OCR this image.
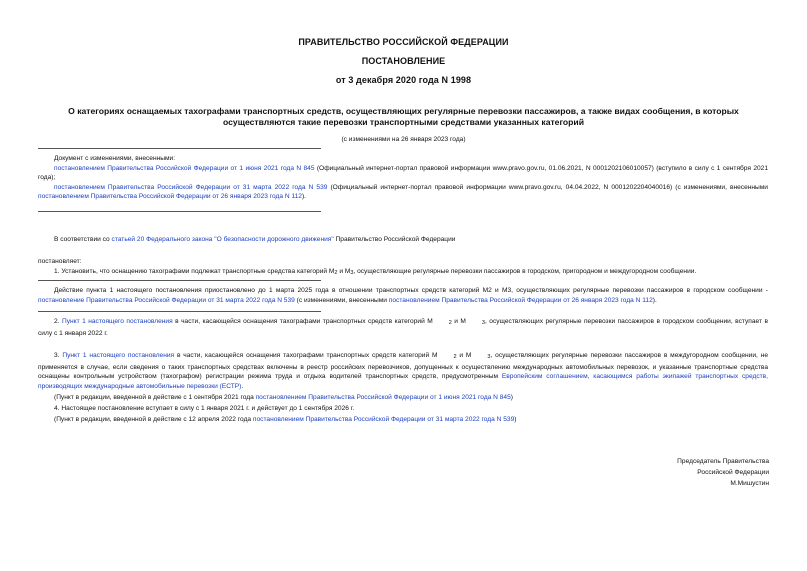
ПРАВИТЕЛЬСТВО РОССИЙСКОЙ ФЕДЕРАЦИИ
ПОСТАНОВЛЕНИЕ
от 3 декабря 2020 года N 1998
О категориях оснащаемых тахографами транспортных средств, осуществляющих регулярные перевозки пассажиров, а также видах сообщения, в которых
осуществляются такие перевозки транспортными средствами указанных категорий
(с изменениями на 26 января 2023 года)
Документ с изменениями, внесенными:
постановлением Правительства Российской Федерации от 1 июня 2021 года N 845 (Официальный интернет-портал правовой информации www.pravo.gov.ru, 01.06.2021, N 0001202106010057) (вступило в силу с 1 сентября 2021 года);
постановлением Правительства Российской Федерации от 31 марта 2022 года N 539 (Официальный интернет-портал правовой информации www.pravo.gov.ru, 04.04.2022, N 0001202204040016) (с изменениями, внесенными постановлением Правительства Российской Федерации от 26 января 2023 года N 112).
В соответствии со статьей 20 Федерального закона "О безопасности дорожного движения" Правительство Российской Федерации
постановляет:
1. Установить, что оснащению тахографами подлежат транспортные средства категорий M2 и M3, осуществляющие регулярные перевозки пассажиров в городском, пригородном и междугородном сообщении.
Действие пункта 1 настоящего постановления приостановлено до 1 марта 2025 года в отношении транспортных средств категорий М2 и М3, осуществляющих регулярные перевозки пассажиров в городском сообщении - постановление Правительства Российской Федерации от 31 марта 2022 года N 539 (с изменениями, внесенными постановлением Правительства Российской Федерации от 26 января 2023 года N 112).
2. Пункт 1 настоящего постановления в части, касающейся оснащения тахографами транспортных средств категорий M	2 и M	3, осуществляющих регулярные перевозки пассажиров в городском сообщении, вступает в силу с 1 января 2022 г.
3. Пункт 1 настоящего постановления в части, касающейся оснащения тахографами транспортных средств категорий M	2 и M	3, осуществляющих регулярные перевозки пассажиров в междугородном сообщении, не применяется в случае, если сведения о таких транспортных средствах включены в реестр российских перевозчиков, допущенных к осуществлению международных автомобильных перевозок, и указанные транспортные средства оснащены контрольным устройством (тахографом) регистрации режима труда и отдыха водителей транспортных средств, предусмотренным Европейским соглашением, касающимся работы экипажей транспортных средств, производящих международные автомобильные перевозки (ЕСТР).
(Пункт в редакции, введенной в действие с 1 сентября 2021 года постановлением Правительства Российской Федерации от 1 июня 2021 года N 845)
4. Настоящее постановление вступает в силу с 1 января 2021 г. и действует до 1 сентября 2026 г.
(Пункт в редакции, введенной в действие с 12 апреля 2022 года постановлением Правительства Российской Федерации от 31 марта 2022 года N 539)
Председатель Правительства
Российской Федерации
М.Мишустин
